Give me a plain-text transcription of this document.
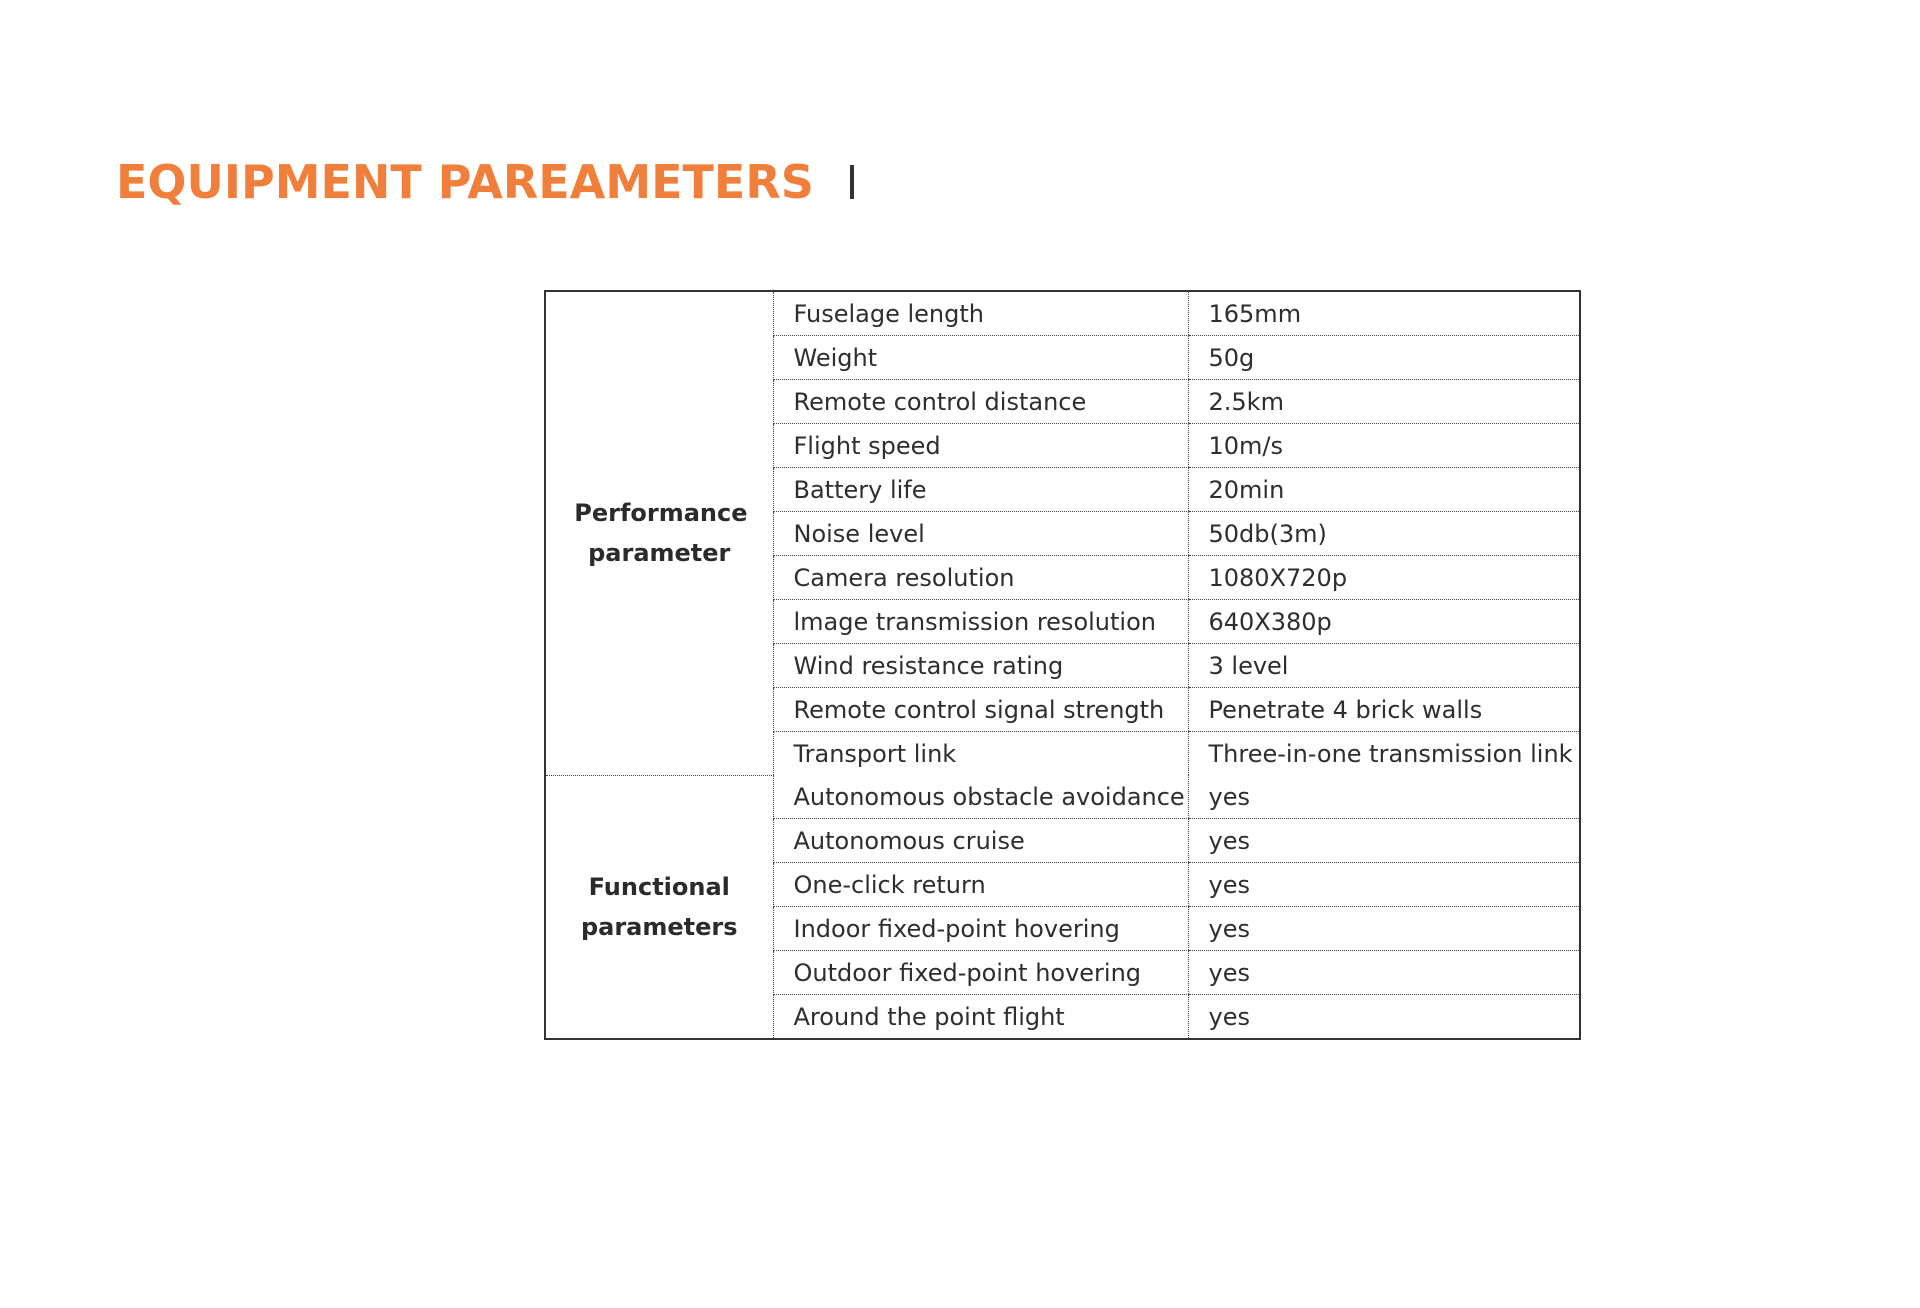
EQUIPMENT PAREAMETERS
Performance parameter	Fuselage length	165mm
	Weight	50g
	Remote control distance	2.5km
	Flight speed	10m/s
	Battery life	20min
	Noise level	50db(3m)
	Camera resolution	1080X720p
	lmage transmission resolution	640X380p
	Wind resistance rating	3 level
	Remote control signal strength	Penetrate 4 brick walls
	Transport link	Three-in-one transmission link
Functional parameters	Autonomous obstacle avoidance	yes
	Autonomous cruise	yes
	One-click return	yes
	Indoor fixed-point hovering	yes
	Outdoor fixed-point hovering	yes
	Around the point flight	yes
